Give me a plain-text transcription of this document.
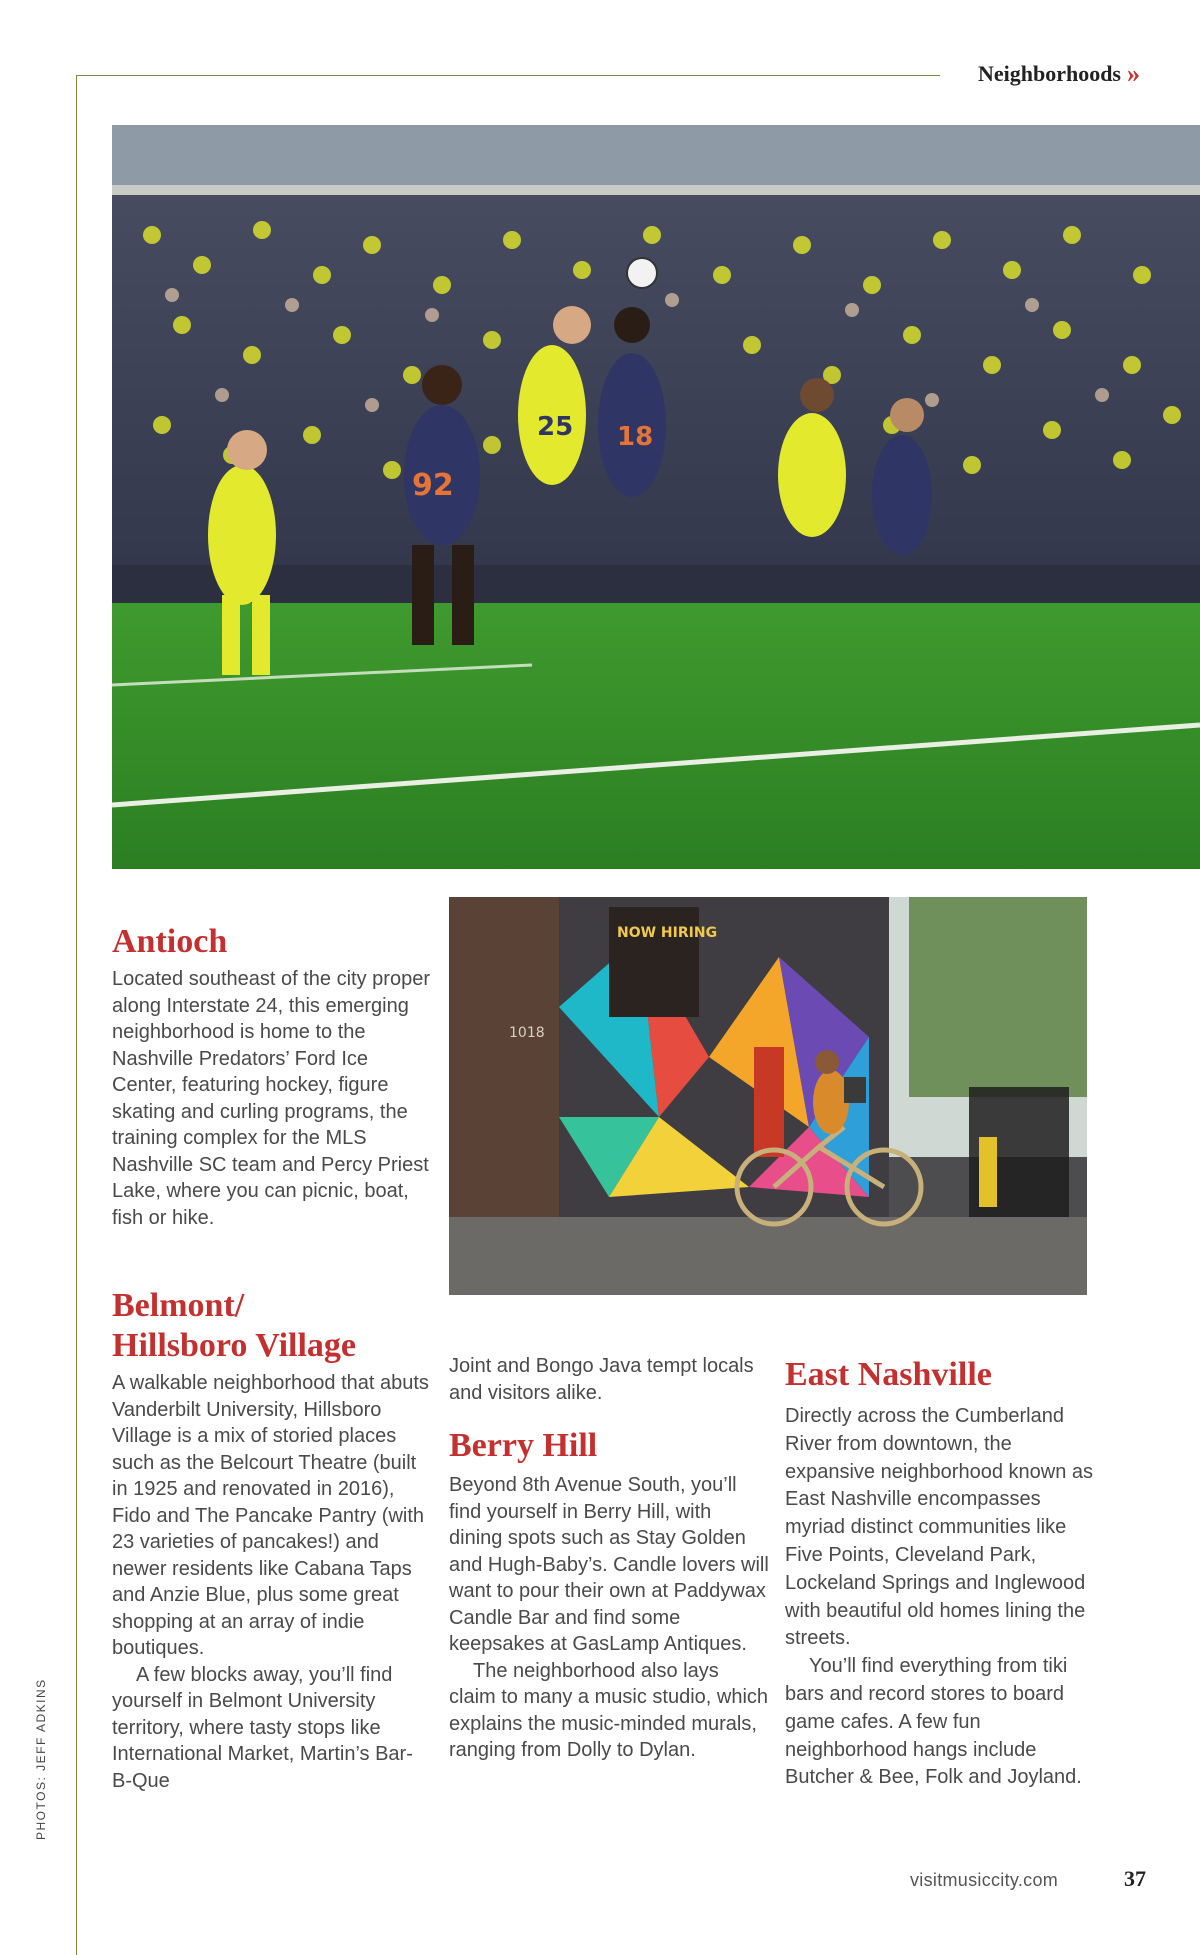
Neighborhoods »
PHOTOS: JEFF ADKINS
92
25 18
NOW HIRING
1018
Antioch

Located southeast of the city proper along Interstate 24, this emerging neighborhood is home to the Nashville Predators’ Ford Ice Center, featuring hockey, figure skating and curling programs, the training complex for the MLS Nashville SC team and Percy Priest Lake, where you can picnic, boat, fish or hike.

Belmont/
Hillsboro Village

A walkable neighborhood that abuts Vanderbilt University, Hillsboro Village is a mix of storied places such as the Belcourt Theatre (built in 1925 and renovated in 2016), Fido and The Pancake Pantry (with 23 varieties of pancakes!) and newer residents like Cabana Taps and Anzie Blue, plus some great shopping at an array of indie boutiques.

A few blocks away, you’ll find yourself in Belmont University territory, where tasty stops like International Market, Martin’s Bar-B-Que

Joint and Bongo Java tempt locals and visitors alike.

Berry Hill

Beyond 8th Avenue South, you’ll find yourself in Berry Hill, with dining spots such as Stay Golden and Hugh-Baby’s. Candle lovers will want to pour their own at Paddywax Candle Bar and find some keepsakes at GasLamp Antiques.

The neighborhood also lays claim to many a music studio, which explains the music-minded murals, ranging from Dolly to Dylan.

East Nashville

Directly across the Cumberland River from downtown, the expansive neighborhood known as East Nashville encompasses myriad distinct communities like Five Points, Cleveland Park, Lockeland Springs and Inglewood with beautiful old homes lining the streets.

You’ll find everything from tiki bars and record stores to board game cafes. A few fun neighborhood hangs include Butcher & Bee, Folk and Joyland.

visitmusiccity.com	37
